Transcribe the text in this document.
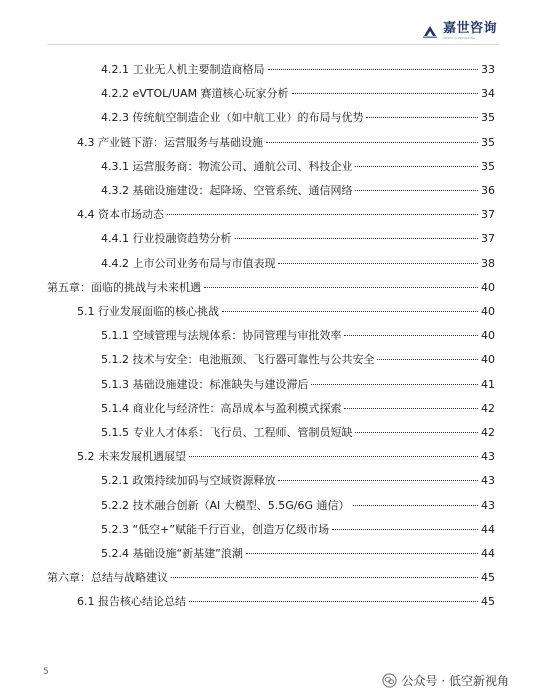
嘉世咨询
JIASHI CONSULTING
4.2.1 工业无人机主要制造商格局	33
4.2.2 eVTOL/UAM 赛道核心玩家分析	34
4.2.3 传统航空制造企业（如中航工业）的布局与优势	35
4.3 产业链下游：运营服务与基础设施	35
4.3.1 运营服务商：物流公司、通航公司、科技企业	35
4.3.2 基础设施建设：起降场、空管系统、通信网络	36
4.4 资本市场动态	37
4.4.1 行业投融资趋势分析	37
4.4.2 上市公司业务布局与市值表现	38
第五章：面临的挑战与未来机遇	40
5.1 行业发展面临的核心挑战	40
5.1.1 空域管理与法规体系：协同管理与审批效率	40
5.1.2 技术与安全：电池瓶颈、飞行器可靠性与公共安全	40
5.1.3 基础设施建设：标准缺失与建设滞后	41
5.1.4 商业化与经济性：高昂成本与盈利模式探索	42
5.1.5 专业人才体系：飞行员、工程师、管制员短缺	42
5.2 未来发展机遇展望	43
5.2.1 政策持续加码与空域资源释放	43
5.2.2 技术融合创新（AI 大模型、5.5G/6G 通信）	43
5.2.3 “低空+”赋能千行百业，创造万亿级市场	44
5.2.4 基础设施“新基建”浪潮	44
第六章：总结与战略建议	45
6.1 报告核心结论总结	45
5
公众号 · 低空新视角
